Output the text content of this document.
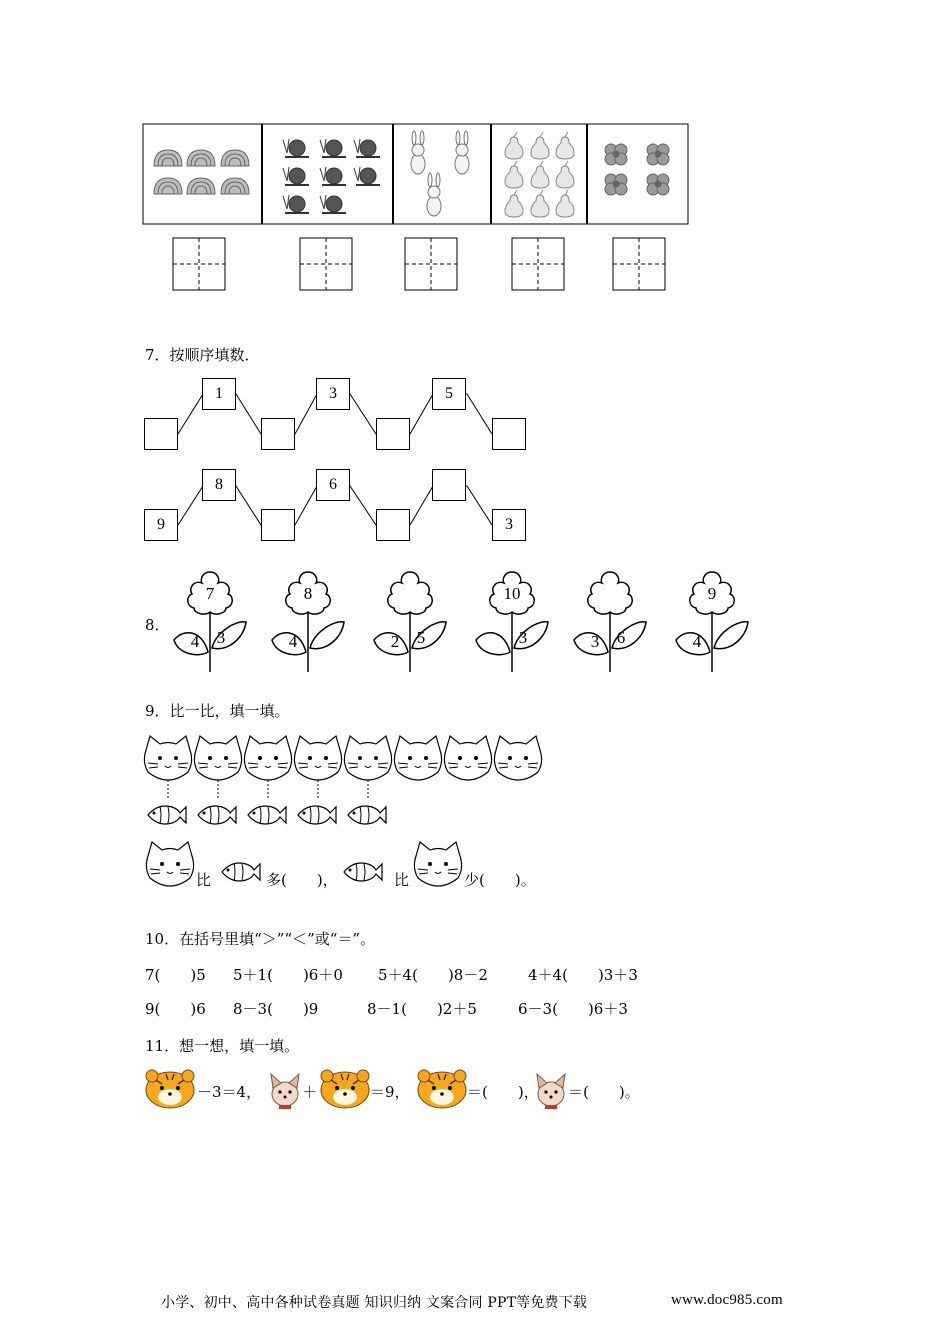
7．按顺序填数．
1	3	5
9
8	6
3
8．
7
4 3
8
4	2 5
10
3	3 6
9
4
9．比一比，填一填。
比	多(　　)，	比	少(　　)。
10．在括号里填“＞”“＜”或“＝”。
7(　　)5 5＋1(　　)6＋0 5＋4(　　)8－2	4＋4(　　)3＋3
9(　　)6 8－3(　　)9	8－1(　　)2＋5	6－3(　　)6＋3
11．想一想，填一填。
－3＝4，	＋	＝9，	＝(　　)， ＝(　　)。
小学、初中、高中各种试卷真题 知识归纳 文案合同 PPT等免费下载	www.doc985.com
